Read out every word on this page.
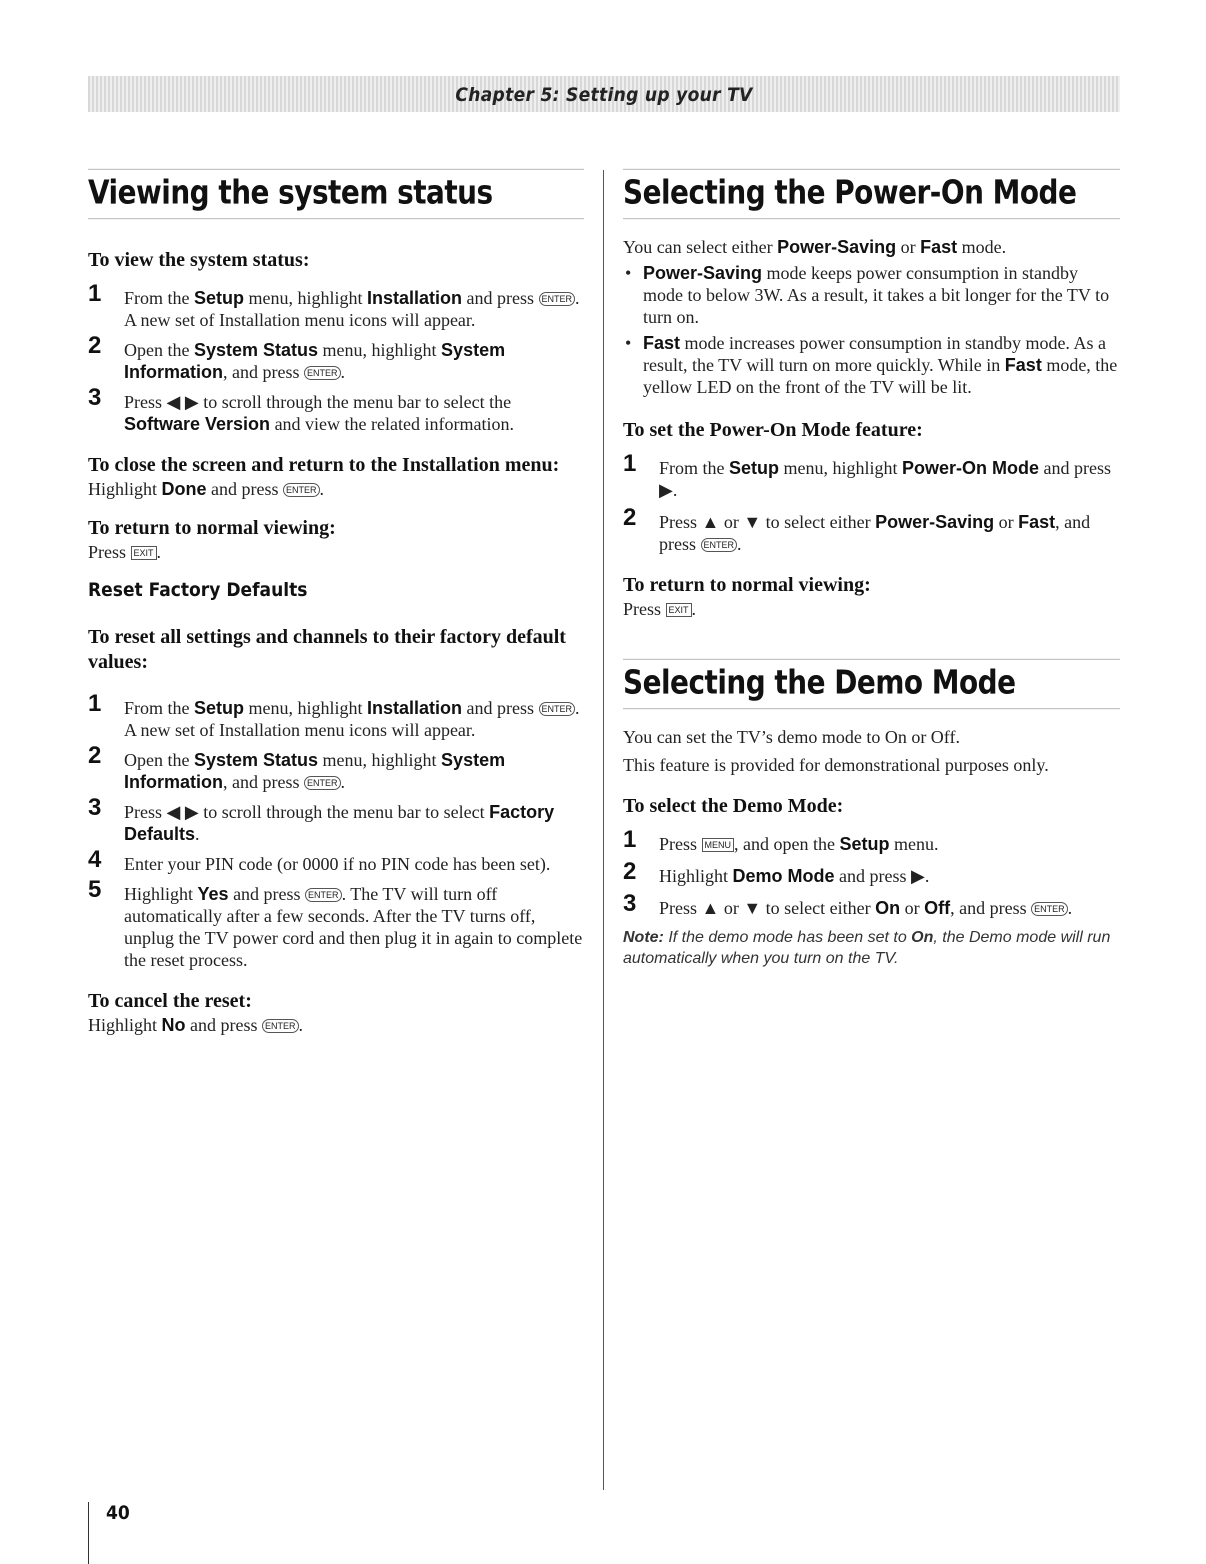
Chapter 5: Setting up your TV
Viewing the system status
To view the system status:
1 From the Setup menu, highlight Installation and press ENTER . A new set of Installation menu icons will appear.
2 Open the System Status menu, highlight System Information, and press ENTER .
3 Press ◀ ▶ to scroll through the menu bar to select the Software Version and view the related information.
To close the screen and return to the Installation menu:

Highlight Done and press ENTER .

To return to normal viewing:

Press EXIT .

Reset Factory Defaults
To reset all settings and channels to their factory default values:
1 From the Setup menu, highlight Installation and press ENTER . A new set of Installation menu icons will appear.
2 Open the System Status menu, highlight System Information, and press ENTER .
3 Press ◀ ▶ to scroll through the menu bar to select Factory Defaults.
4 Enter your PIN code (or 0000 if no PIN code has been set).
5 Highlight Yes and press ENTER . The TV will turn off automatically after a few seconds. After the TV turns off, unplug the TV power cord and then plug it in again to complete the reset process.
To cancel the reset:

Highlight No and press ENTER .

Selecting the Power-On Mode

You can select either Power-Saving or Fast mode.

• Power-Saving mode keeps power consumption in standby mode to below 3W. As a result, it takes a bit longer for the TV to turn on.
• Fast mode increases power consumption in standby mode. As a result, the TV will turn on more quickly. While in Fast mode, the yellow LED on the front of the TV will be lit.
To set the Power-On Mode feature:
1 From the Setup menu, highlight Power-On Mode and press ▶.
2 Press ▲ or ▼ to select either Power-Saving or Fast, and press ENTER .
To return to normal viewing:

Press EXIT .

Selecting the Demo Mode

You can set the TV’s demo mode to On or Off.

This feature is provided for demonstrational purposes only.

To select the Demo Mode:
1 Press MENU , and open the Setup menu.
2 Highlight Demo Mode and press ▶.
3 Press ▲ or ▼ to select either On or Off, and press ENTER .

Note: If the demo mode has been set to On, the Demo mode will run automatically when you turn on the TV.

40
